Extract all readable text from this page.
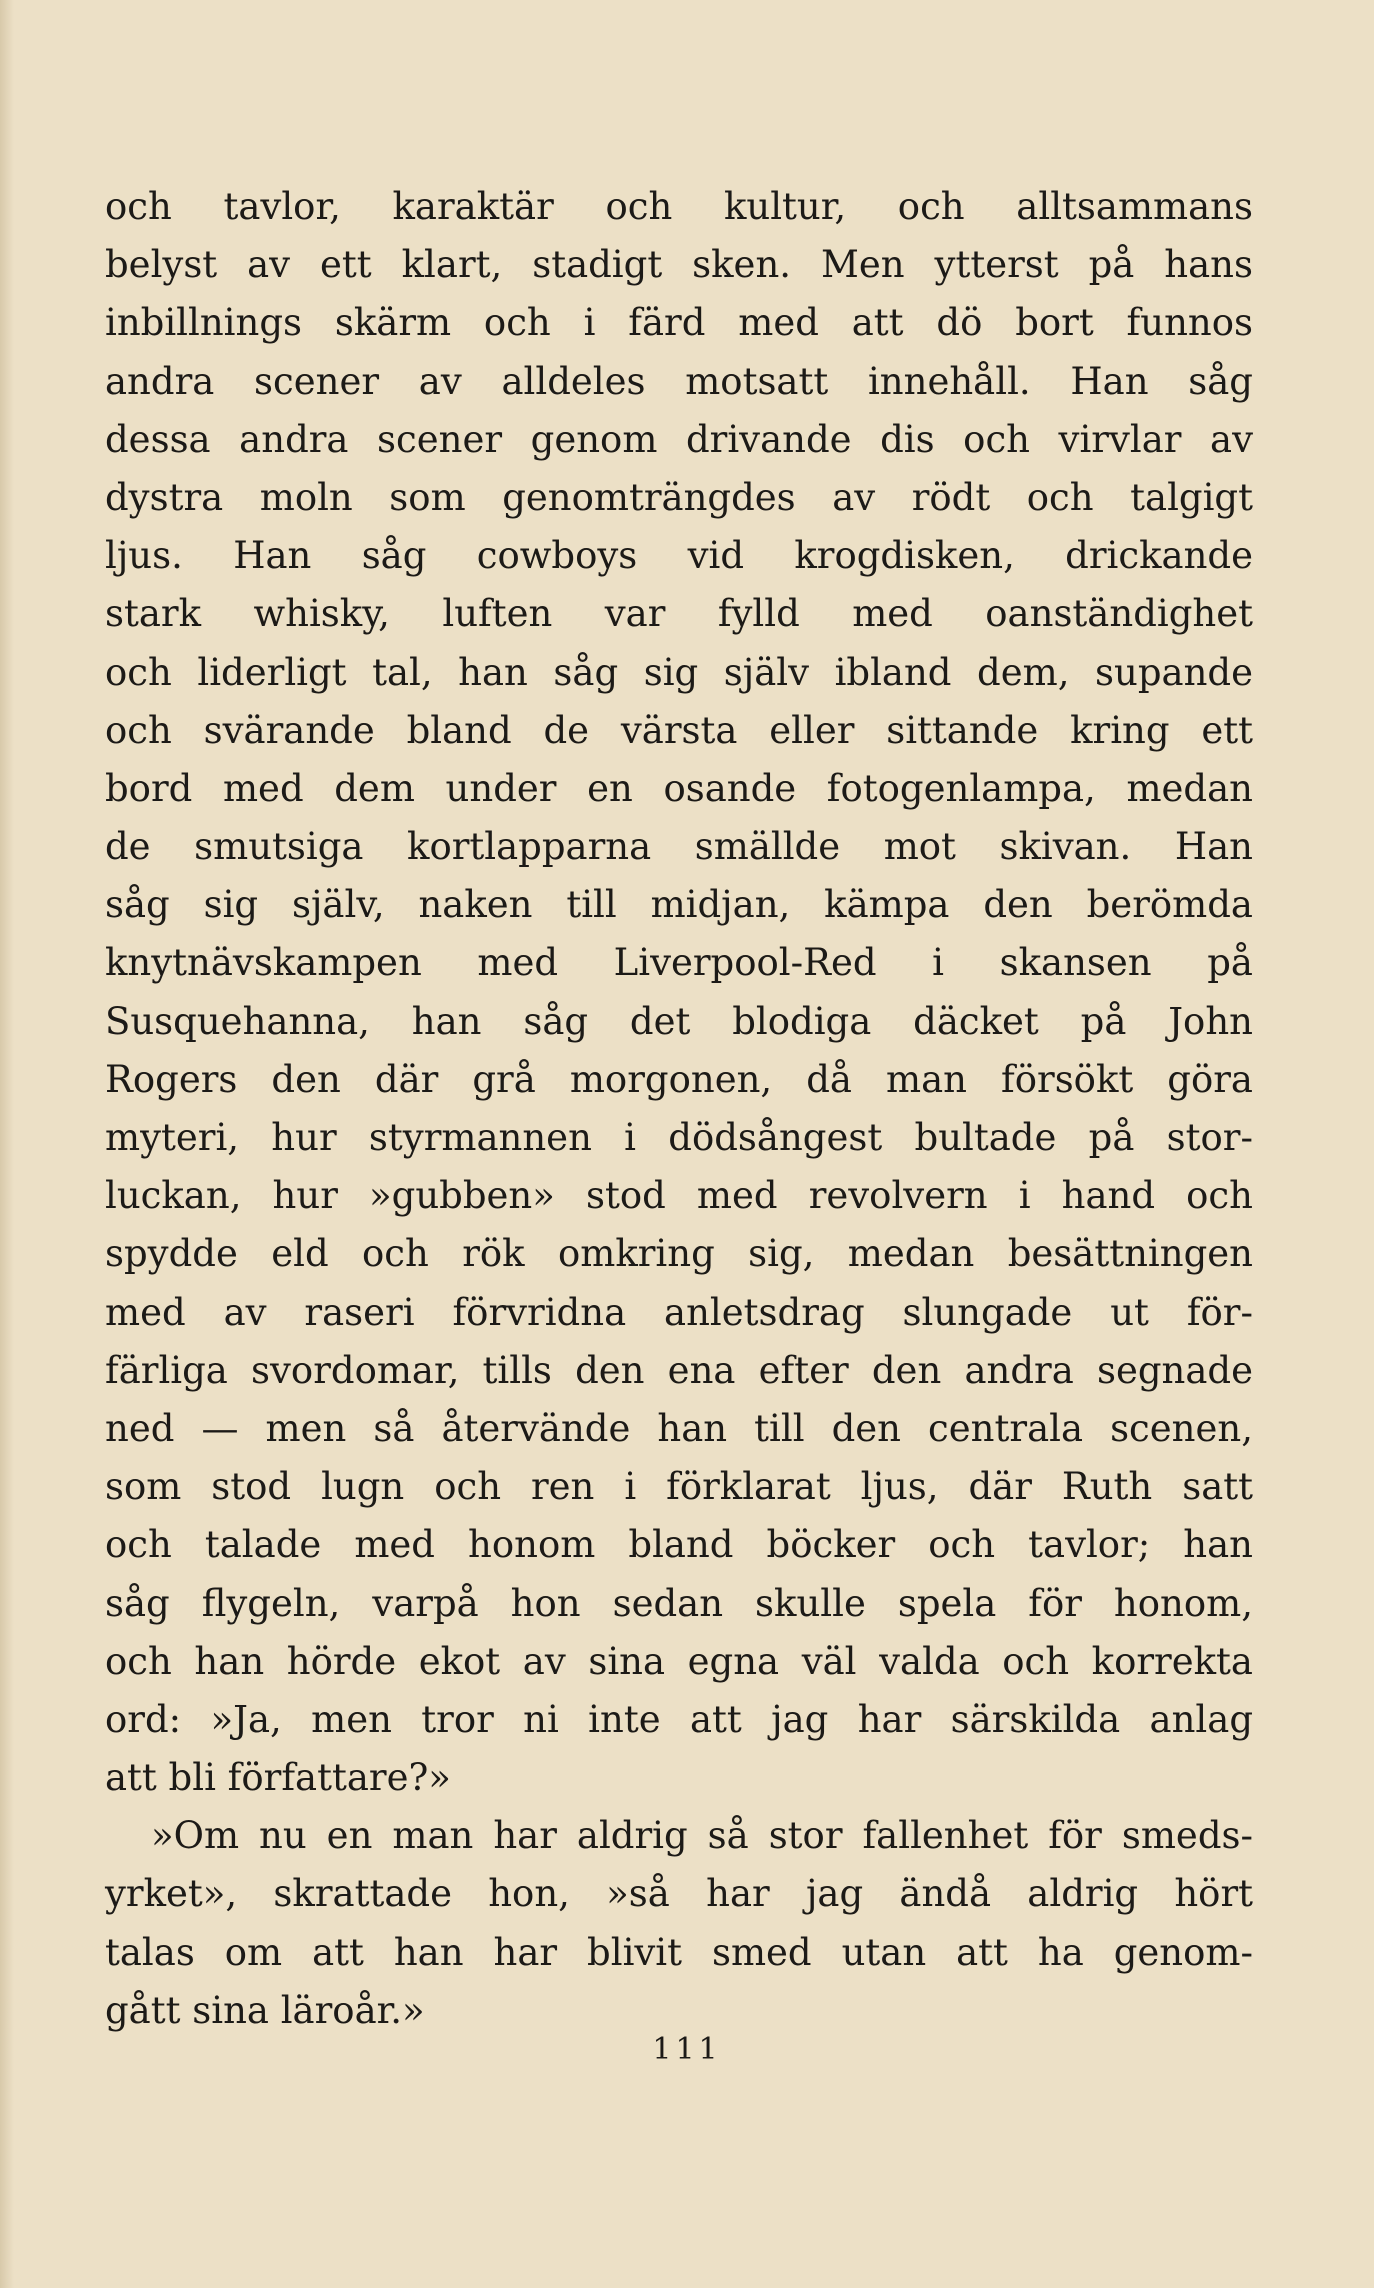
och tavlor, karaktär och kultur, och alltsammans
belyst av ett klart, stadigt sken. Men ytterst på hans
inbillnings skärm och i färd med att dö bort funnos
andra scener av alldeles motsatt innehåll. Han såg
dessa andra scener genom drivande dis och virvlar av
dystra moln som genomträngdes av rödt och talgigt
ljus. Han såg cowboys vid krogdisken, drickande
stark whisky, luften var fylld med oanständighet
och liderligt tal, han såg sig själv ibland dem, supande
och svärande bland de värsta eller sittande kring ett
bord med dem under en osande fotogenlampa, medan
de smutsiga kortlapparna smällde mot skivan. Han
såg sig själv, naken till midjan, kämpa den berömda
knytnävskampen med Liverpool-Red i skansen på
Susquehanna, han såg det blodiga däcket på John
Rogers den där grå morgonen, då man försökt göra
myteri, hur styrmannen i dödsångest bultade på stor-
luckan, hur »gubben» stod med revolvern i hand och
spydde eld och rök omkring sig, medan besättningen
med av raseri förvridna anletsdrag slungade ut för-
färliga svordomar, tills den ena efter den andra segnade
ned — men så återvände han till den centrala scenen,
som stod lugn och ren i förklarat ljus, där Ruth satt
och talade med honom bland böcker och tavlor; han
såg flygeln, varpå hon sedan skulle spela för honom,
och han hörde ekot av sina egna väl valda och korrekta
ord: »Ja, men tror ni inte att jag har särskilda anlag
att bli författare?»
»Om nu en man har aldrig så stor fallenhet för smeds-
yrket», skrattade hon, »så har jag ändå aldrig hört
talas om att han har blivit smed utan att ha genom-
gått sina läroår.»
111
